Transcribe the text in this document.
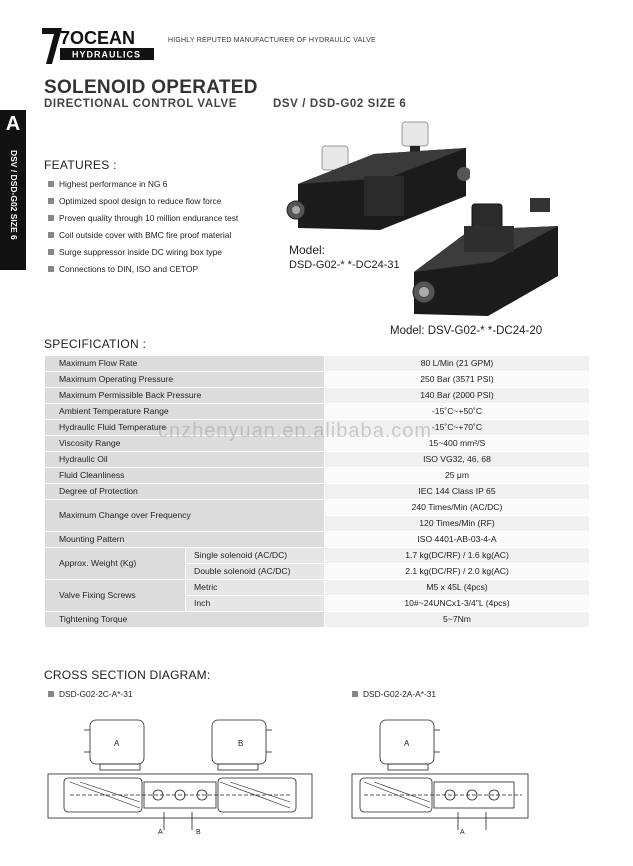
7OCEAN
HYDRAULICS
HIGHLY REPUTED MANUFACTURER OF HYDRAULIC VALVE
A
DSV / DSD-G02 SIZE 6
SOLENOID OPERATED
DIRECTIONAL CONTROL VALVE	DSV / DSD-G02 SIZE 6
FEATURES :
Highest performance in NG 6
Optimized spool design to reduce flow force
Proven quality through 10 million endurance test
Coil outside cover with BMC fire proof material
Surge suppressor inside DC wiring box type
Connections to DIN, ISO and CETOP
Model:
DSD-G02-* *-DC24-31
Model: DSV-G02-* *-DC24-20
SPECIFICATION :
Maximum Flow Rate		80 L/Min (21 GPM)
Maximum Operating Pressure		250 Bar (3571 PSI)
Maximum Permissible Back Pressure		140 Bar (2000 PSI)
Ambient Temperature Range		-15˚C~+50˚C
Hydraulic Fluid Temperature		-15˚C~+70˚C
Viscosity Range		15~400 mm²/S
Hydraulic Oil		ISO VG32, 46, 68
Fluid Cleanliness		25 μm
Degree of Protection		IEC 144 Class IP 65
Maximum Change over Frequency		240 Times/Min (AC/DC)
		120 Times/Min (RF)
Mounting Pattern		ISO 4401-AB-03-4-A
Approx. Weight (Kg)	Single solenoid (AC/DC)	1.7 kg(DC/RF) / 1.6 kg(AC)
	Double solenoid (AC/DC)	2.1 kg(DC/RF) / 2.0 kg(AC)
Valve Fixing Screws	Metric	M5 x 45L (4pcs)
	Inch	10#~24UNCx1-3/4"L (4pcs)
Tightening Torque		5~7Nm
cnzhenyuan.en.alibaba.com
CROSS SECTION DIAGRAM:
DSD-G02-2C-A*-31	DSD-G02-2A-A*-31
A	B
A	B
A
A
